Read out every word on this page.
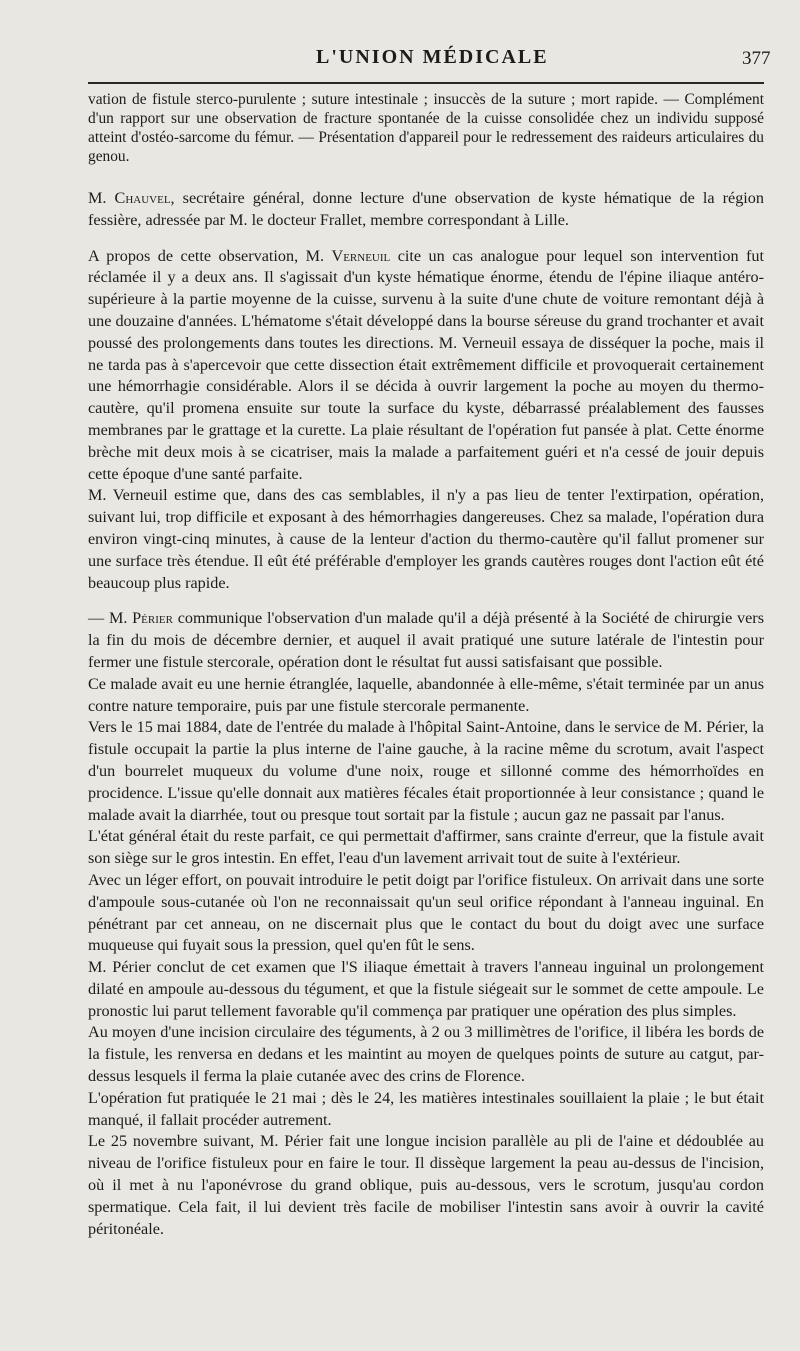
L'UNION MÉDICALE	377

vation de fistule sterco-purulente ; suture intestinale ; insuccès de la suture ; mort rapide. — Complément d'un rapport sur une observation de fracture spontanée de la cuisse consolidée chez un individu supposé atteint d'ostéo-sarcome du fémur. — Présentation d'appareil pour le redressement des raideurs articulaires du genou.

M. Chauvel, secrétaire général, donne lecture d'une observation de kyste hématique de la région fessière, adressée par M. le docteur Frallet, membre correspondant à Lille.

A propos de cette observation, M. Verneuil cite un cas analogue pour lequel son intervention fut réclamée il y a deux ans. Il s'agissait d'un kyste hématique énorme, étendu de l'épine iliaque antéro-supérieure à la partie moyenne de la cuisse, survenu à la suite d'une chute de voiture remontant déjà à une douzaine d'années. L'hématome s'était développé dans la bourse séreuse du grand trochanter et avait poussé des prolongements dans toutes les directions. M. Verneuil essaya de disséquer la poche, mais il ne tarda pas à s'apercevoir que cette dissection était extrêmement difficile et provoquerait certainement une hémorrhagie considérable. Alors il se décida à ouvrir largement la poche au moyen du thermo-cautère, qu'il promena ensuite sur toute la surface du kyste, débarrassé préalablement des fausses membranes par le grattage et la curette. La plaie résultant de l'opération fut pansée à plat. Cette énorme brèche mit deux mois à se cicatriser, mais la malade a parfaitement guéri et n'a cessé de jouir depuis cette époque d'une santé parfaite.

M. Verneuil estime que, dans des cas semblables, il n'y a pas lieu de tenter l'extirpation, opération, suivant lui, trop difficile et exposant à des hémorrhagies dangereuses. Chez sa malade, l'opération dura environ vingt-cinq minutes, à cause de la lenteur d'action du thermo-cautère qu'il fallut promener sur une surface très étendue. Il eût été préférable d'employer les grands cautères rouges dont l'action eût été beaucoup plus rapide.

— M. Périer communique l'observation d'un malade qu'il a déjà présenté à la Société de chirurgie vers la fin du mois de décembre dernier, et auquel il avait pratiqué une suture latérale de l'intestin pour fermer une fistule stercorale, opération dont le résultat fut aussi satisfaisant que possible.

Ce malade avait eu une hernie étranglée, laquelle, abandonnée à elle-même, s'était terminée par un anus contre nature temporaire, puis par une fistule stercorale permanente.

Vers le 15 mai 1884, date de l'entrée du malade à l'hôpital Saint-Antoine, dans le service de M. Périer, la fistule occupait la partie la plus interne de l'aine gauche, à la racine même du scrotum, avait l'aspect d'un bourrelet muqueux du volume d'une noix, rouge et sillonné comme des hémorrhoïdes en procidence. L'issue qu'elle donnait aux matières fécales était proportionnée à leur consistance ; quand le malade avait la diarrhée, tout ou presque tout sortait par la fistule ; aucun gaz ne passait par l'anus.

L'état général était du reste parfait, ce qui permettait d'affirmer, sans crainte d'erreur, que la fistule avait son siège sur le gros intestin. En effet, l'eau d'un lavement arrivait tout de suite à l'extérieur.

Avec un léger effort, on pouvait introduire le petit doigt par l'orifice fistuleux. On arrivait dans une sorte d'ampoule sous-cutanée où l'on ne reconnaissait qu'un seul orifice répondant à l'anneau inguinal. En pénétrant par cet anneau, on ne discernait plus que le contact du bout du doigt avec une surface muqueuse qui fuyait sous la pression, quel qu'en fût le sens.

M. Périer conclut de cet examen que l'S iliaque émettait à travers l'anneau inguinal un prolongement dilaté en ampoule au-dessous du tégument, et que la fistule siégeait sur le sommet de cette ampoule. Le pronostic lui parut tellement favorable qu'il commença par pratiquer une opération des plus simples.

Au moyen d'une incision circulaire des téguments, à 2 ou 3 millimètres de l'orifice, il libéra les bords de la fistule, les renversa en dedans et les maintint au moyen de quelques points de suture au catgut, par-dessus lesquels il ferma la plaie cutanée avec des crins de Florence.

L'opération fut pratiquée le 21 mai ; dès le 24, les matières intestinales souillaient la plaie ; le but était manqué, il fallait procéder autrement.

Le 25 novembre suivant, M. Périer fait une longue incision parallèle au pli de l'aine et dédoublée au niveau de l'orifice fistuleux pour en faire le tour. Il dissèque largement la peau au-dessus de l'incision, où il met à nu l'aponévrose du grand oblique, puis au-dessous, vers le scrotum, jusqu'au cordon spermatique. Cela fait, il lui devient très facile de mobiliser l'intestin sans avoir à ouvrir la cavité péritonéale.
